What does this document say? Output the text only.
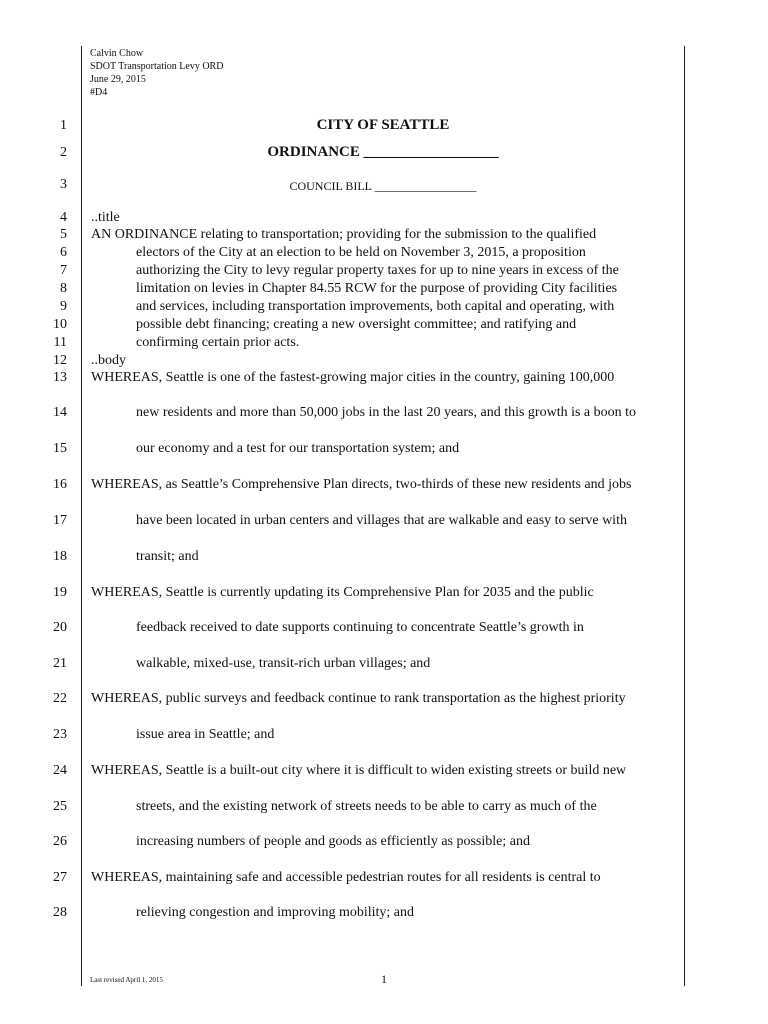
Calvin Chow
SDOT Transportation Levy ORD
June 29, 2015
#D4
1
2
3
4
5
6
7
8
9
10
11
12
13
14
15
16
17
18
19
20
21
22
23
24
25
26
27
28
CITY OF SEATTLE
ORDINANCE __________________
COUNCIL BILL _________________
..title
AN ORDINANCE relating to transportation; providing for the submission to the qualified
electors of the City at an election to be held on November 3, 2015, a proposition
authorizing the City to levy regular property taxes for up to nine years in excess of the
limitation on levies in Chapter 84.55 RCW for the purpose of providing City facilities
and services, including transportation improvements, both capital and operating, with
possible debt financing; creating a new oversight committee; and ratifying and
confirming certain prior acts.
..body
WHEREAS, Seattle is one of the fastest-growing major cities in the country, gaining 100,000
new residents and more than 50,000 jobs in the last 20 years, and this growth is a boon to
our economy and a test for our transportation system; and
WHEREAS, as Seattle’s Comprehensive Plan directs, two-thirds of these new residents and jobs
have been located in urban centers and villages that are walkable and easy to serve with
transit; and
WHEREAS, Seattle is currently updating its Comprehensive Plan for 2035 and the public
feedback received to date supports continuing to concentrate Seattle’s growth in
walkable, mixed-use, transit-rich urban villages; and
WHEREAS, public surveys and feedback continue to rank transportation as the highest priority
issue area in Seattle; and
WHEREAS, Seattle is a built-out city where it is difficult to widen existing streets or build new
streets, and the existing network of streets needs to be able to carry as much of the
increasing numbers of people and goods as efficiently as possible; and
WHEREAS, maintaining safe and accessible pedestrian routes for all residents is central to
relieving congestion and improving mobility; and
Last revised April 1, 2015	1
